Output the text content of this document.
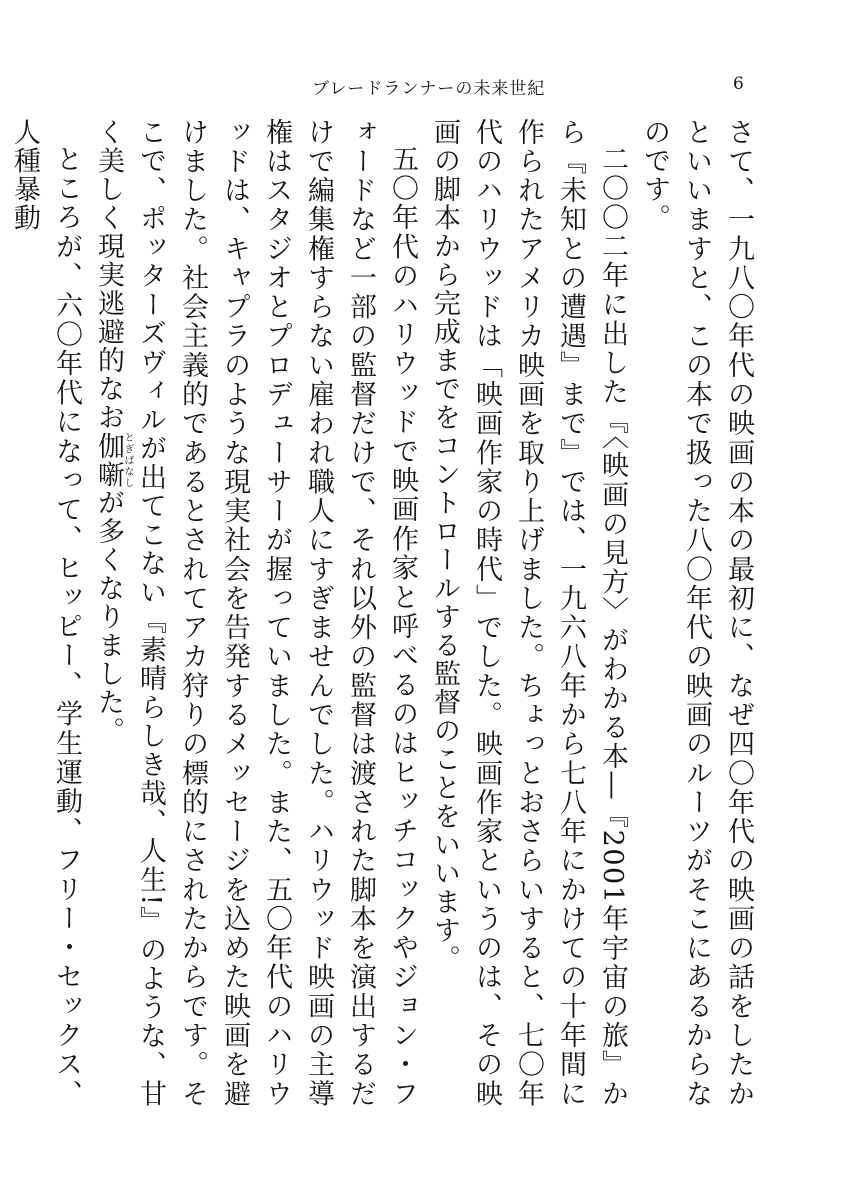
ブレードランナーの未来世紀	6

さて、一九八〇年代の映画の本の最初に、なぜ四〇年代の映画の話をしたかといいますと、この本で扱った八〇年代の映画のルーツがそこにあるからなのです。

二〇〇二年に出した『〈映画の見方〉がわかる本―『2001年宇宙の旅』から『未知との遭遇』まで』では、一九六八年から七八年にかけての十年間に作られたアメリカ映画を取り上げました。ちょっとおさらいすると、七〇年代のハリウッドは「映画作家の時代」でした。映画作家というのは、その映画の脚本から完成までをコントロールする監督のことをいいます。

五〇年代のハリウッドで映画作家と呼べるのはヒッチコックやジョン・フォードなど一部の監督だけで、それ以外の監督は渡された脚本を演出するだけで編集権すらない雇われ職人にすぎませんでした。ハリウッド映画の主導権はスタジオとプロデューサーが握っていました。また、五〇年代のハリウッドは、キャプラのような現実社会を告発するメッセージを込めた映画を避けました。社会主義的であるとされてアカ狩りの標的にされたからです。そこで、ポッターズヴィルが出てこない『素晴らしき哉、人生!』のような、甘く美しく現実逃避的なお伽噺とぎばなしが多くなりました。

ところが、六〇年代になって、ヒッピー、学生運動、フリー・セックス、人種暴動
